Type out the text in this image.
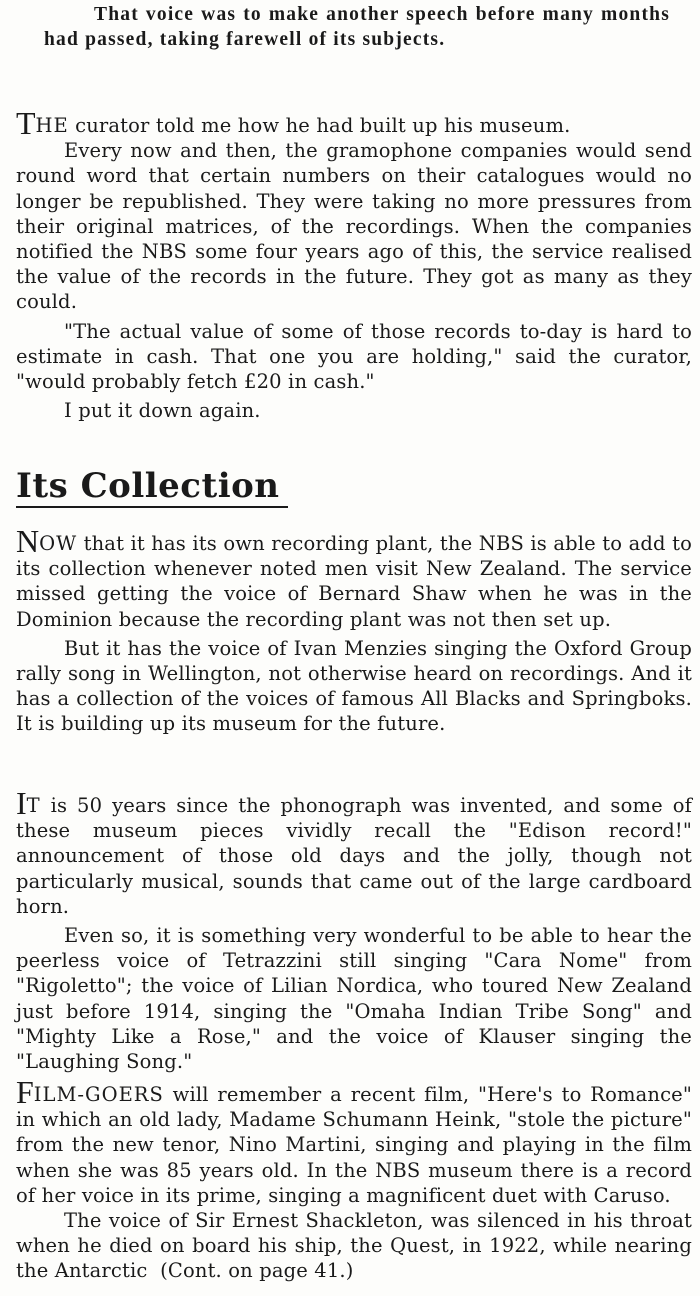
That voice was to make another speech before many months had passed, taking farewell of its subjects.

THE curator told me how he had built up his museum.

Every now and then, the gramophone companies would send round word that certain numbers on their catalogues would no longer be republished. They were taking no more pressures from their original matrices, of the recordings. When the companies notified the NBS some four years ago of this, the service realised the value of the records in the future. They got as many as they could.

"The actual value of some of those records to-day is hard to estimate in cash. That one you are holding," said the curator, "would probably fetch £20 in cash."

I put it down again.

Its Collection

NOW that it has its own recording plant, the NBS is able to add to its collection whenever noted men visit New Zealand. The service missed getting the voice of Bernard Shaw when he was in the Dominion because the recording plant was not then set up.

But it has the voice of Ivan Menzies singing the Oxford Group rally song in Wellington, not otherwise heard on recordings. And it has a collection of the voices of famous All Blacks and Springboks. It is building up its museum for the future.

IT is 50 years since the phonograph was invented, and some of these museum pieces vividly recall the "Edison record!" announcement of those old days and the jolly, though not particularly musical, sounds that came out of the large cardboard horn.

Even so, it is something very wonderful to be able to hear the peerless voice of Tetrazzini still singing "Cara Nome" from "Rigoletto"; the voice of Lilian Nordica, who toured New Zealand just before 1914, singing the "Omaha Indian Tribe Song" and "Mighty Like a Rose," and the voice of Klauser singing the "Laughing Song."

FILM-GOERS will remember a recent film, "Here's to Romance" in which an old lady, Madame Schumann Heink, "stole the picture" from the new tenor, Nino Martini, singing and playing in the film when she was 85 years old. In the NBS museum there is a record of her voice in its prime, singing a magnificent duet with Caruso.

The voice of Sir Ernest Shackleton, was silenced in his throat when he died on board his ship, the Quest, in 1922, while nearing the Antarctic (Cont. on page 41.)
